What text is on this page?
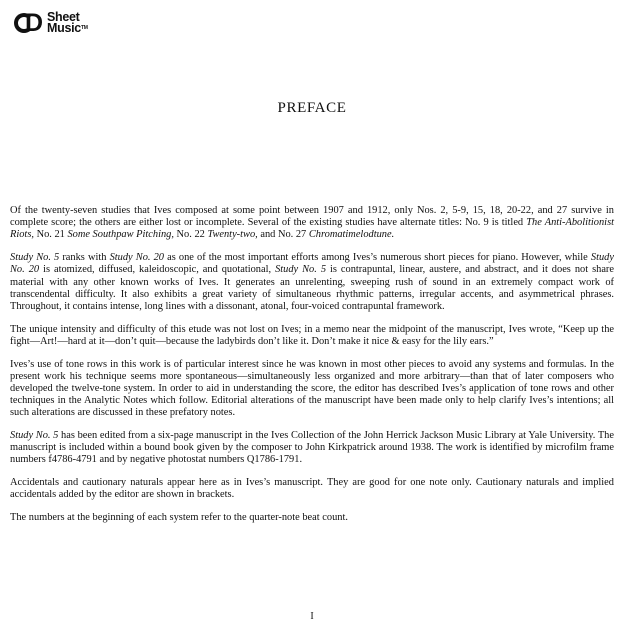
D Sheet
Music™
PREFACE

Of the twenty-seven studies that Ives composed at some point between 1907 and 1912, only Nos. 2, 5-9, 15, 18, 20-22, and 27 survive in complete score; the others are either lost or incomplete. Several of the existing studies have alternate titles: No. 9 is titled The Anti-Abolitionist Riots, No. 21 Some Southpaw Pitching, No. 22 Twenty-two, and No. 27 Chromatimelodtune.

Study No. 5 ranks with Study No. 20 as one of the most important efforts among Ives’s numerous short pieces for piano. However, while Study No. 20 is atomized, diffused, kaleidoscopic, and quotational, Study No. 5 is contrapuntal, linear, austere, and abstract, and it does not share material with any other known works of Ives. It generates an unrelenting, sweeping rush of sound in an extremely compact work of transcendental difficulty. It also exhibits a great variety of simultaneous rhythmic patterns, irregular accents, and asymmetrical phrases. Throughout, it contains intense, long lines with a dissonant, atonal, four-voiced contrapuntal framework.

The unique intensity and difficulty of this etude was not lost on Ives; in a memo near the midpoint of the manuscript, Ives wrote, “Keep up the fight—Art!—hard at it—don’t quit—because the ladybirds don’t like it. Don’t make it nice & easy for the lily ears.”

Ives’s use of tone rows in this work is of particular interest since he was known in most other pieces to avoid any systems and formulas. In the present work his technique seems more spontaneous—simultaneously less organized and more arbitrary—than that of later composers who developed the twelve-tone system. In order to aid in understanding the score, the editor has described Ives’s application of tone rows and other techniques in the Analytic Notes which follow. Editorial alterations of the manuscript have been made only to help clarify Ives’s intentions; all such alterations are discussed in these prefatory notes.

Study No. 5 has been edited from a six-page manuscript in the Ives Collection of the John Herrick Jackson Music Library at Yale University. The manuscript is included within a bound book given by the composer to John Kirkpatrick around 1938. The work is identified by microfilm frame numbers f4786-4791 and by negative photostat numbers Q1786-1791.

Accidentals and cautionary naturals appear here as in Ives’s manuscript. They are good for one note only. Cautionary naturals and implied accidentals added by the editor are shown in brackets.

The numbers at the beginning of each system refer to the quarter-note beat count.

I
